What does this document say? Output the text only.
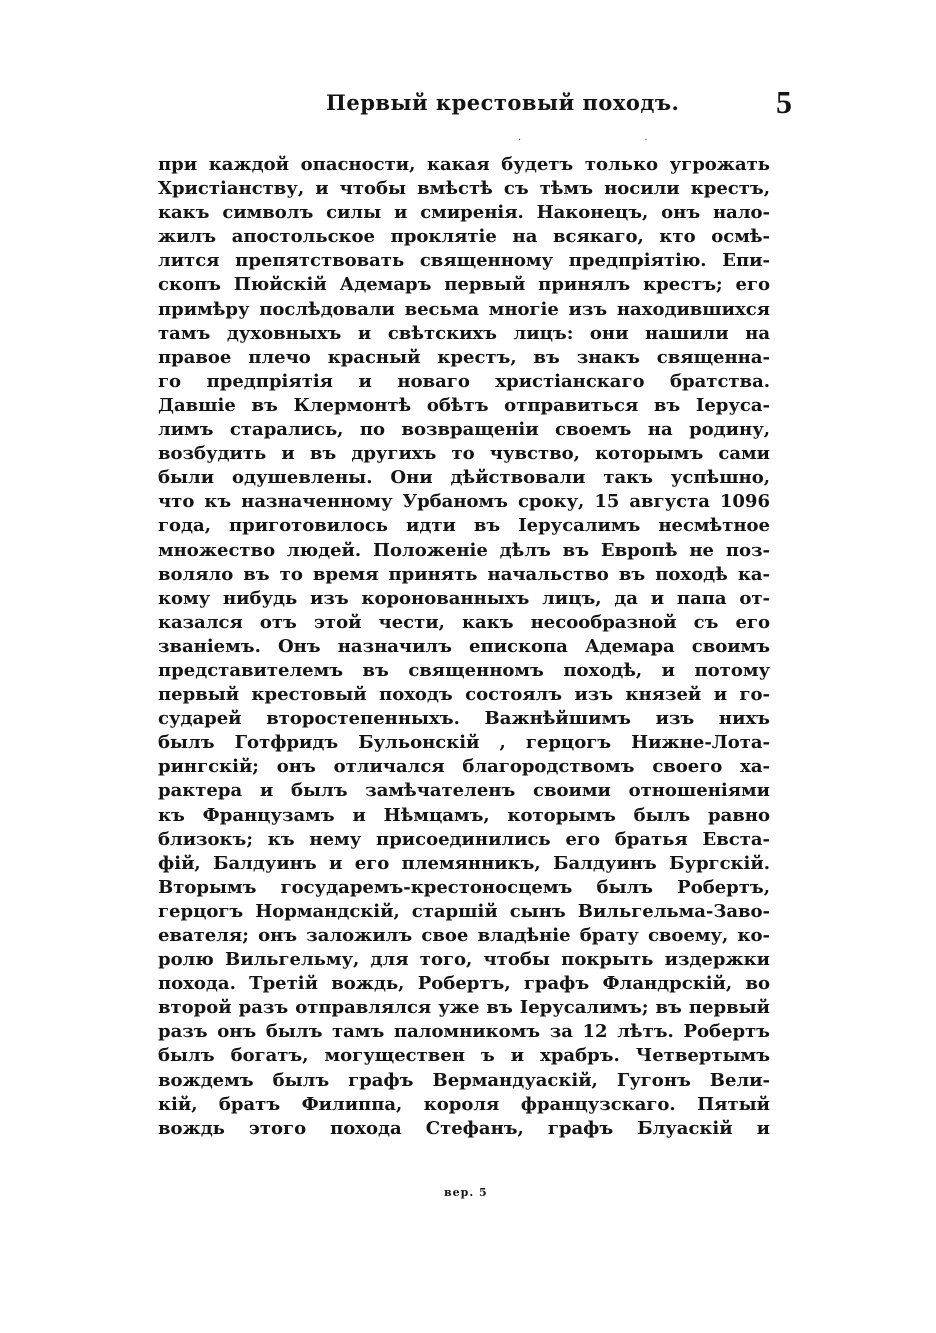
Первый крестовый походъ.	5
. .
при каждой опасности, какая будетъ только угрожать
Христіанству, и чтобы вмѣстѣ съ тѣмъ носили крестъ,
какъ символъ силы и смиренія. Наконецъ, онъ нало-
жилъ апостольское проклятіе на всякаго, кто осмѣ-
лится препятствовать священному предпріятію. Епи-
скопъ Пюйскій Адемаръ первый принялъ крестъ; его
примѣру послѣдовали весьма многіе изъ находившихся
тамъ духовныхъ и свѣтскихъ лицъ: они нашили на
правое плечо красный крестъ, въ знакъ священна-
го предпріятія и новаго христіанскаго братства.
Давшіе въ Клермонтѣ обѣтъ отправиться въ Іерусa-
лимъ старались, по возвращеніи своемъ на родину,
возбудить и въ другихъ то чувство, которымъ сами
были одушевлены. Они дѣйствовали такъ успѣшно,
что къ назначенному Урбаномъ сроку, 15 августа 1096
года, приготовилось идти въ Іерусалимъ несмѣтное
множество людей. Положеніе дѣлъ въ Европѣ не поз-
воляло въ то время принять начальство въ походѣ ка-
кому нибудь изъ коронованныхъ лицъ, да и папа от-
казался отъ этой чести, какъ несообразной съ его
званіемъ. Онъ назначилъ епископа Адемара своимъ
представителемъ въ священномъ походѣ, и потому
первый крестовый походъ состоялъ изъ князей и го-
сударей второстепенныхъ. Важнѣйшимъ изъ нихъ
былъ Готфридъ Бульонскій , герцогъ Нижне-Лота-
рингскій; онъ отличался благородствомъ своего ха-
рактера и былъ замѣчателенъ своими отношеніями
къ Французамъ и Нѣмцамъ, которымъ былъ равно
близокъ; къ нему присоединились его братья Евста-
фій, Балдуинъ и его племянникъ, Балдуинъ Бургскій.
Вторымъ государемъ-крестоносцемъ былъ Робертъ,
герцогъ Нормандскій, старшій сынъ Вильгельма-Заво-
евателя; онъ заложилъ свое владѣніе брату своему, ко-
ролю Вильгельму, для того, чтобы покрыть издержки
похода. Третій вождь, Робертъ, графъ Фландрскій, во
второй разъ отправлялся уже въ Іерусалимъ; въ первый
разъ онъ былъ тамъ паломникомъ за 12 лѣтъ. Робертъ
былъ богатъ, могуществен ъ и храбръ. Четвертымъ
вождемъ былъ графъ Вермандуаскій, Гугонъ Вели-
кій, братъ Филиппа, короля французскаго. Пятый
вождь этого похода Стефанъ, графъ Блуаскій и
вер. 5
